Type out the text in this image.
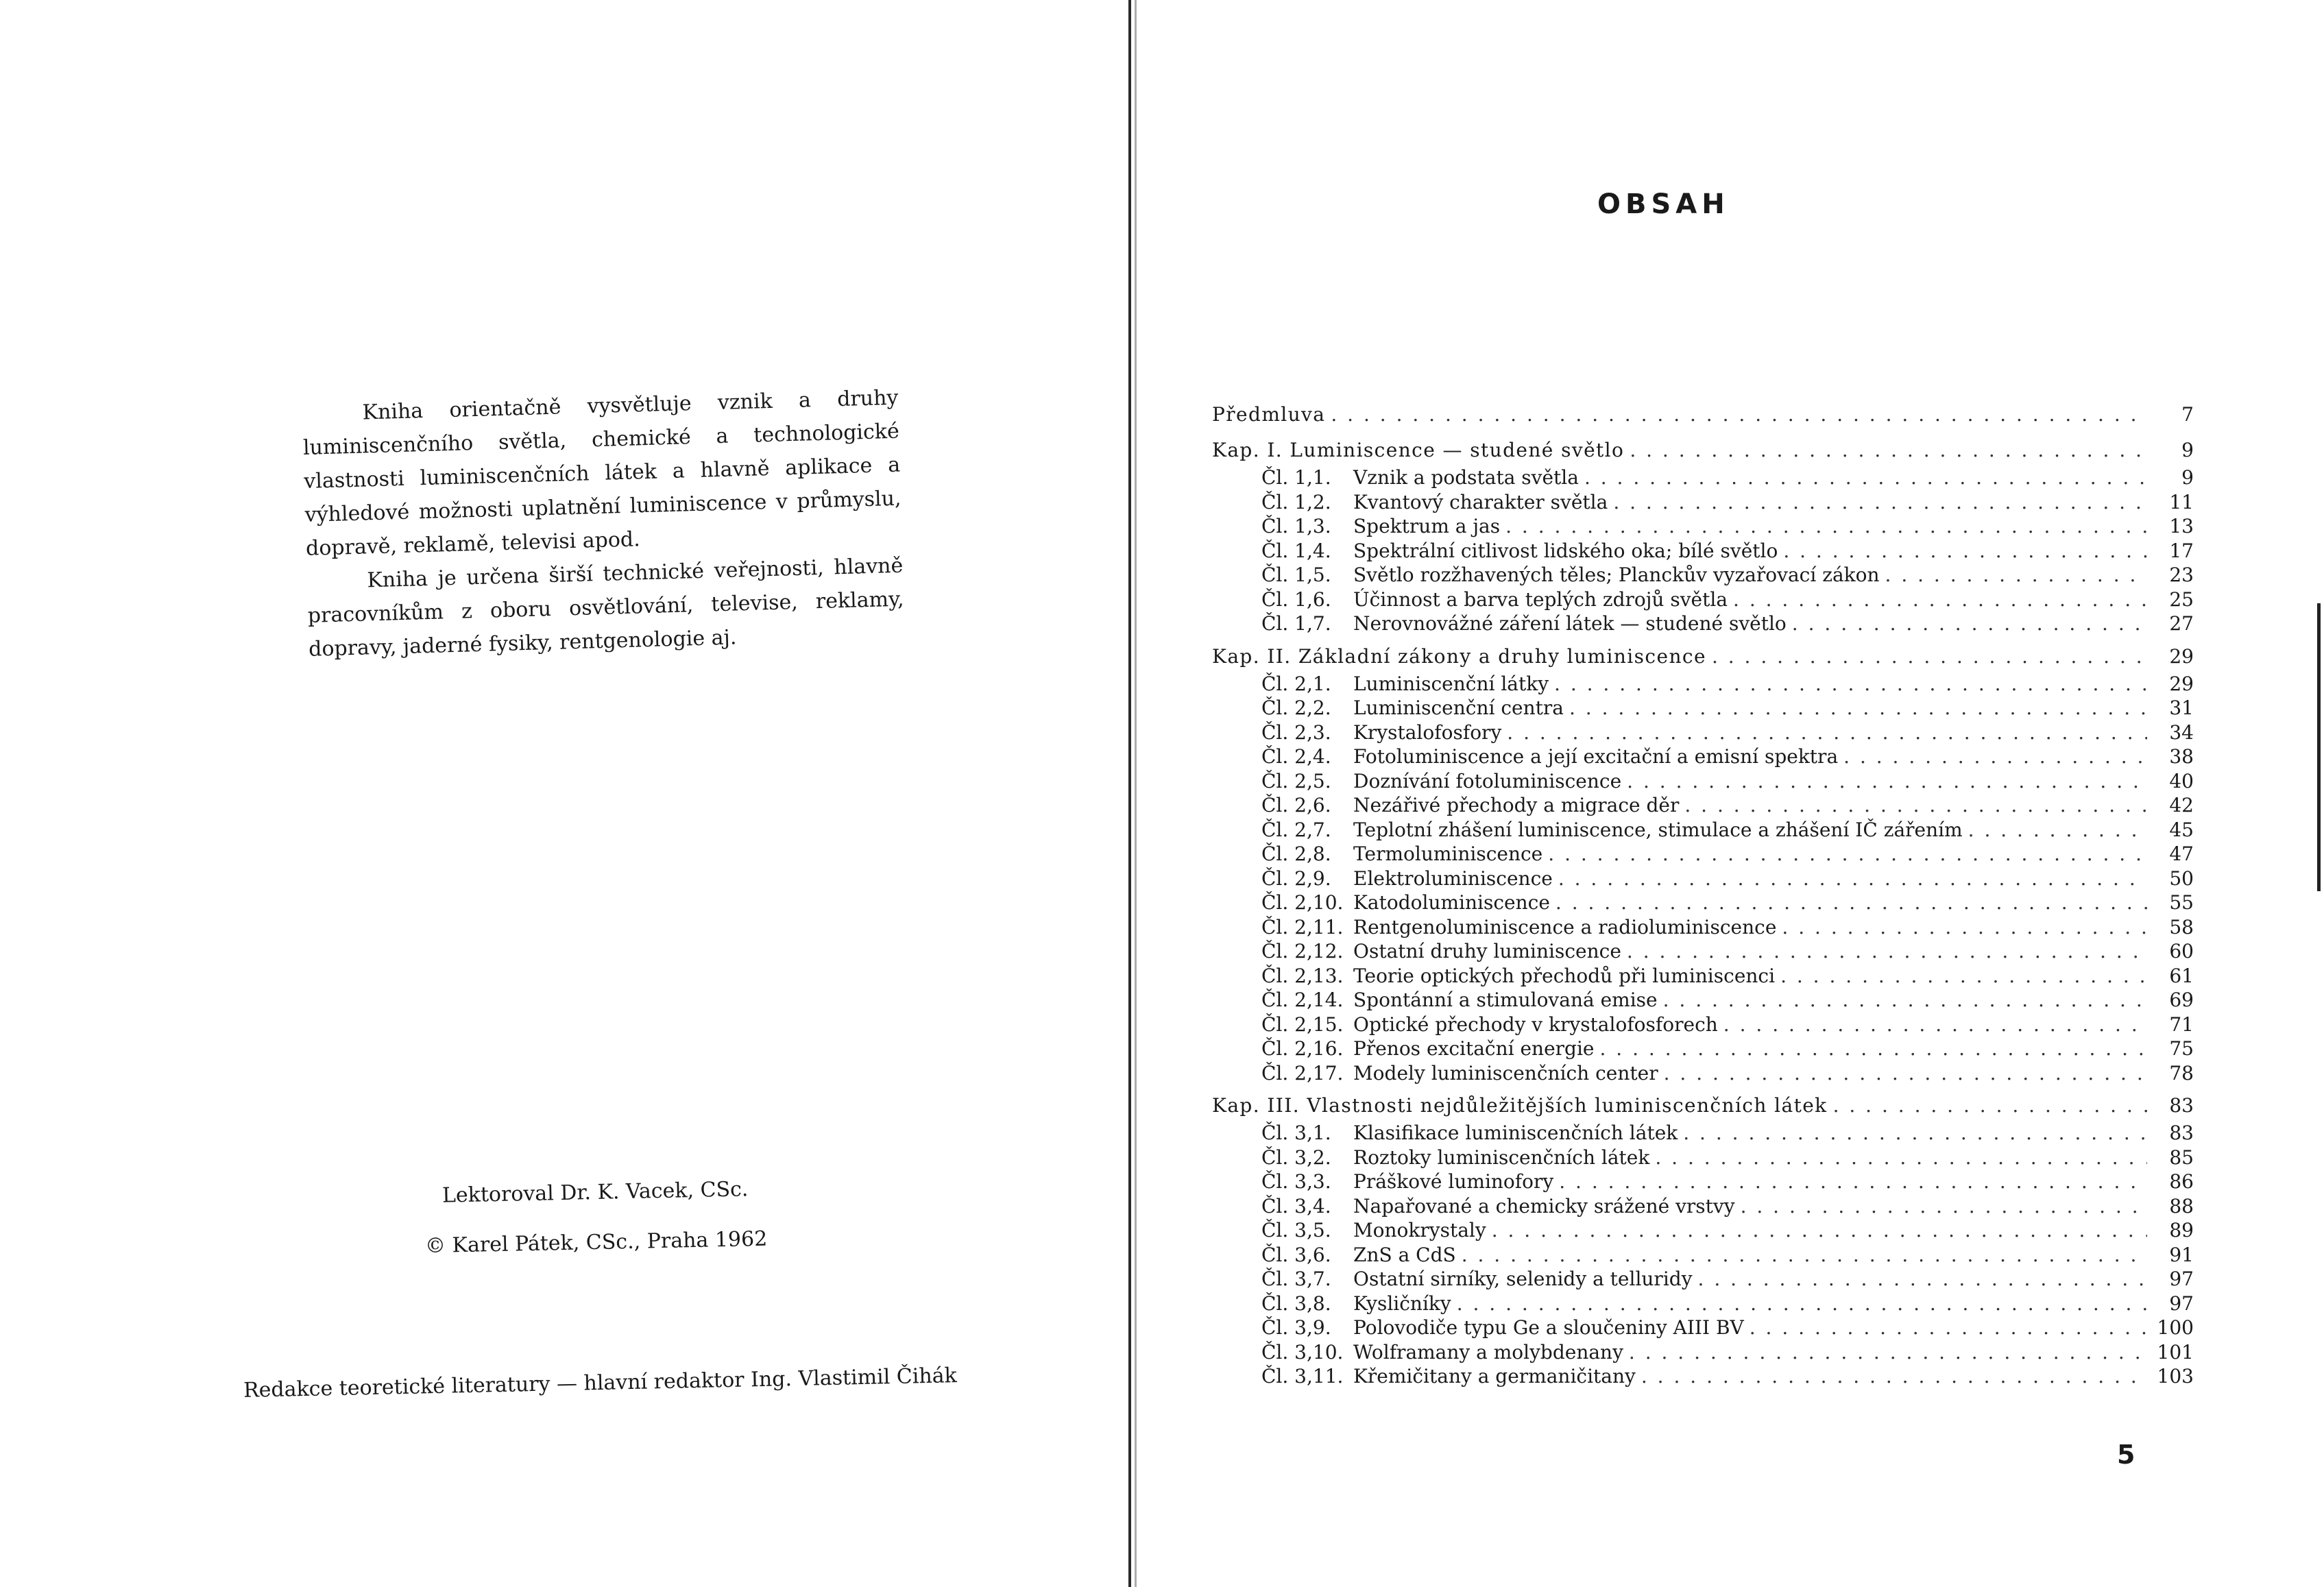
Kniha orientačně vysvětluje vznik a druhy luminiscenčního světla, chemické a technologické vlastnosti luminiscenčních látek a hlavně aplikace a výhledové možnosti uplatnění luminiscence v průmyslu, dopravě, reklamě, televisi apod.

Kniha je určena širší technické veřejnosti, hlavně pracovníkům z oboru osvětlování, televise, reklamy, dopravy, jaderné fysiky, rentgenologie aj.

Lektoroval Dr. K. Vacek, CSc.
© Karel Pátek, CSc., Praha 1962
Redakce teoretické literatury — hlavní redaktor Ing. Vlastimil Čihák
OBSAH
Předmluva . . .	7
Kap. I. Luminiscence — studené světlo . . .	9
Čl. 1,1. Vznik a podstata světla . . .	9
Čl. 1,2. Kvantový charakter světla . . .	11
Čl. 1,3. Spektrum a jas . . .	13
Čl. 1,4. Spektrální citlivost lidského oka; bílé světlo . . .	17
Čl. 1,5. Světlo rozžhavených těles; Planckův vyzařovací zákon . . .	23
Čl. 1,6. Účinnost a barva teplých zdrojů světla . . .	25
Čl. 1,7. Nerovnovážné záření látek — studené světlo . . .	27
Kap. II. Základní zákony a druhy luminiscence . . .	29
Čl. 2,1. Luminiscenční látky . . .	29
Čl. 2,2. Luminiscenční centra . . .	31
Čl. 2,3. Krystalofosfory . . .	34
Čl. 2,4. Fotoluminiscence a její excitační a emisní spektra . . .	38
Čl. 2,5. Doznívání fotoluminiscence . . .	40
Čl. 2,6. Nezářivé přechody a migrace děr . . .	42
Čl. 2,7. Teplotní zhášení luminiscence, stimulace a zhášení IČ zářením . . .	45
Čl. 2,8. Termoluminiscence . . .	47
Čl. 2,9. Elektroluminiscence . . .	50
Čl. 2,10. Katodoluminiscence . . .	55
Čl. 2,11. Rentgenoluminiscence a radioluminiscence . . .	58
Čl. 2,12. Ostatní druhy luminiscence . . .	60
Čl. 2,13. Teorie optických přechodů při luminiscenci . . .	61
Čl. 2,14. Spontánní a stimulovaná emise . . .	69
Čl. 2,15. Optické přechody v krystalofosforech . . .	71
Čl. 2,16. Přenos excitační energie . . .	75
Čl. 2,17. Modely luminiscenčních center . . .	78
Kap. III. Vlastnosti nejdůležitějších luminiscenčních látek . . .	83
Čl. 3,1. Klasifikace luminiscenčních látek . . .	83
Čl. 3,2. Roztoky luminiscenčních látek . . .	85
Čl. 3,3. Práškové luminofory . . .	86
Čl. 3,4. Napařované a chemicky srážené vrstvy . . .	88
Čl. 3,5. Monokrystaly . . .	89
Čl. 3,6. ZnS a CdS . . .	91
Čl. 3,7. Ostatní sirníky, selenidy a telluridy . . .	97
Čl. 3,8. Kysličníky . . .	97
Čl. 3,9. Polovodiče typu Ge a sloučeniny AIII BV . . .	100
Čl. 3,10. Wolframany a molybdenany . . .	101
Čl. 3,11. Křemičitany a germaničitany . . .	103
5
